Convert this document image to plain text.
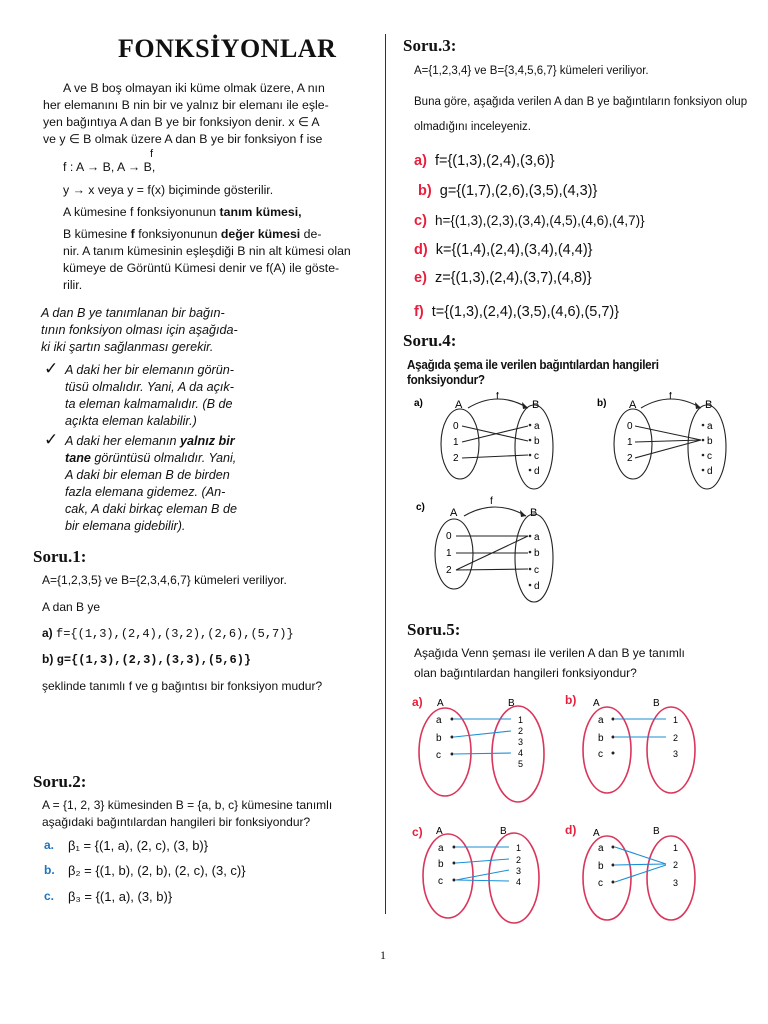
FONKSİYONLAR
A ve B boş olmayan iki küme olmak üzere, A nın
her elemanını B nin bir ve yalnız bir elemanı ile eşle-
yen bağıntıya A dan B ye bir fonksiyon denir. x ∈ A
ve y ∈ B olmak üzere A dan B ye bir fonksiyon f ise
f
f : A → B, A → B,
y → x veya y = f(x) biçiminde gösterilir.
A kümesine f fonksiyonunun tanım kümesi,
B kümesine f fonksiyonunun değer kümesi de-
nir. A tanım kümesinin eşleşdiği B nin alt kümesi olan
kümeye de Görüntü Kümesi denir ve f(A) ile göste-
rilir.
A dan B ye tanımlanan bir bağın-
tının fonksiyon olması için aşağıda-
ki iki şartın sağlanması gerekir.
✓ A daki her bir elemanın görün-
tüsü olmalıdır. Yani, A da açık-
ta eleman kalmamalıdır. (B de
açıkta eleman kalabilir.)
✓ A daki her elemanın yalnız bir
tane görüntüsü olmalıdır. Yani,
A daki bir eleman B de birden
fazla elemana gidemez. (An-
cak, A daki birkaç eleman B de
bir elemana gidebilir).
Soru.1:
A={1,2,3,5} ve B={2,3,4,6,7} kümeleri veriliyor.
A dan B ye
a) f={(1,3),(2,4),(3,2),(2,6),(5,7)}
b) g={(1,3),(2,3),(3,3),(5,6)}
şeklinde tanımlı f ve g bağıntısı bir fonksiyon mudur?
Soru.2:
A = {1, 2, 3} kümesinden B = {a, b, c} kümesine tanımlı
aşağıdaki bağıntılardan hangileri bir fonksiyondur?
a. β₁ = {(1, a), (2, c), (3, b)}
b. β₂ = {(1, b), (2, b), (2, c), (3, c)}
c. β₃ = {(1, a), (3, b)}
Soru.3:
A={1,2,3,4} ve B={3,4,5,6,7} kümeleri veriliyor.
Buna göre, aşağıda verilen A dan B ye bağıntıların fonksiyon olup
olmadığını inceleyeniz.
a) f={(1,3),(2,4),(3,6)}
b) g={(1,7),(2,6),(3,5),(4,3)}
c) h={(1,3),(2,3),(3,4),(4,5),(4,6),(4,7)}
d) k={(1,4),(2,4),(3,4),(4,4)}
e) z={(1,3),(2,4),(3,7),(4,8)}
f) t={(1,3),(2,4),(3,5),(4,6),(5,7)}
Soru.4:
Aşağıda şema ile verilen bağıntılardan hangileri fonksiyondur?
a)	A	B
f
0
1
2
a
b
c
d
b) A	B
f
0
1
2
a
b
c
d
c) A	B
f
0
1
2
a
b
c
d
Soru.5:
Aşağıda Venn şeması ile verilen A dan B ye tanımlı
olan bağıntılardan hangileri fonksiyondur?
a) A	B
a
b
c
1
2
3
4
5
b) A	B
a
b
c
1
2
3
c) A	B
a
b
c
1
2
3
4
d) A	B
a
b
c
1
2
3
1
